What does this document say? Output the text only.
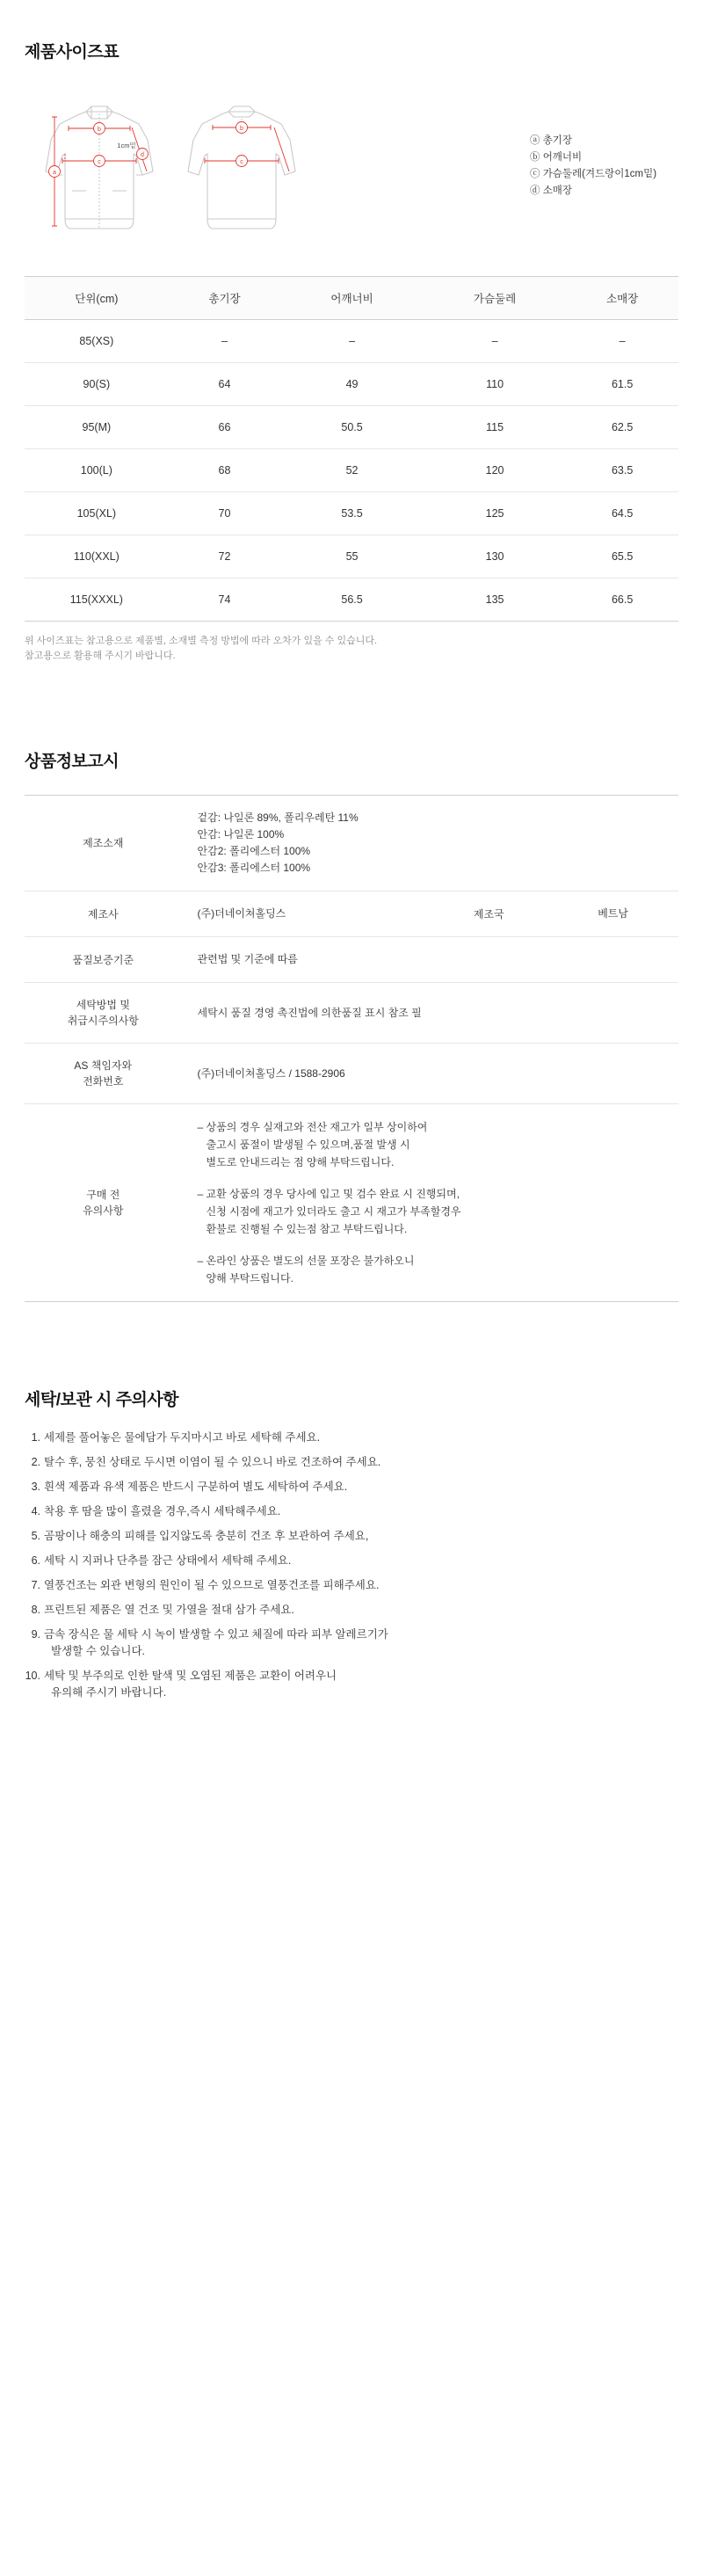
제품사이즈표
a
b
c
d
1cm밑
b
c
ⓐ 총기장
ⓑ 어깨너비
ⓒ 가슴둘레(겨드랑이1cm밑)
ⓓ 소매장
단위(cm)	총기장	어깨너비	가슴둘레	소매장
85(XS)	–	–	–	–
90(S)	64	49	110	61.5
95(M)	66	50.5	115	62.5
100(L)	68	52	120	63.5
105(XL)	70	53.5	125	64.5
110(XXL)	72	55	130	65.5
115(XXXL)	74	56.5	135	66.5
위 사이즈표는 참고용으로 제품별, 소재별 측정 방법에 따라 오차가 있을 수 있습니다.
참고용으로 활용해 주시기 바랍니다.
상품정보고시
제조소재	겉감: 나일론 89%, 폴리우레탄 11%
안감: 나일론 100%
안감2: 폴리에스터 100%
안감3: 폴리에스터 100%		

제조사	(주)더네이쳐홀딩스	제조국	베트남
품질보증기준	관련법 및 기준에 따름		

세탁방법 및
취급시주의사항	세탁시 품질 경영 촉진법에 의한품질 표시 참조 필		

AS 책임자와
전화번호	(주)더네이쳐홀딩스 / 1588-2906		

구매 전
유의사항

– 상품의 경우 실재고와 전산 재고가 일부 상이하여
출고시 품절이 발생될 수 있으며,품절 발생 시
별도로 안내드리는 점 양해 부탁드립니다.

– 교환 상품의 경우 당사에 입고 및 검수 완료 시 진행되며,
신청 시점에 재고가 있더라도 출고 시 재고가 부족할경우
환불로 진행될 수 있는점 참고 부탁드립니다.

– 온라인 상품은 별도의 선물 포장은 불가하오니
양해 부탁드립니다.

세탁/보관 시 주의사항
1. 세제를 풀어놓은 물에담가 두지마시고 바로 세탁해 주세요.
2. 탈수 후, 뭉친 상태로 두시면 이염이 될 수 있으니 바로 건조하여 주세요.
3. 흰색 제품과 유색 제품은 반드시 구분하여 별도 세탁하여 주세요.
4. 착용 후 땀을 많이 흘렸을 경우,즉시 세탁해주세요.
5. 곰팡이나 해충의 피해를 입지않도록 충분히 건조 후 보관하여 주세요,
6. 세탁 시 지퍼나 단추를 잠근 상태에서 세탁해 주세요.
7. 열풍건조는 외관 변형의 원인이 될 수 있으므로 열풍건조를 피해주세요.
8. 프린트된 제품은 열 건조 및 가열을 절대 삼가 주세요.
9. 금속 장식은 물 세탁 시 녹이 발생할 수 있고 체질에 따라 피부 알레르기가
발생할 수 있습니다.
10. 세탁 및 부주의로 인한 탈색 및 오염된 제품은 교환이 어려우니
유의해 주시기 바랍니다.
